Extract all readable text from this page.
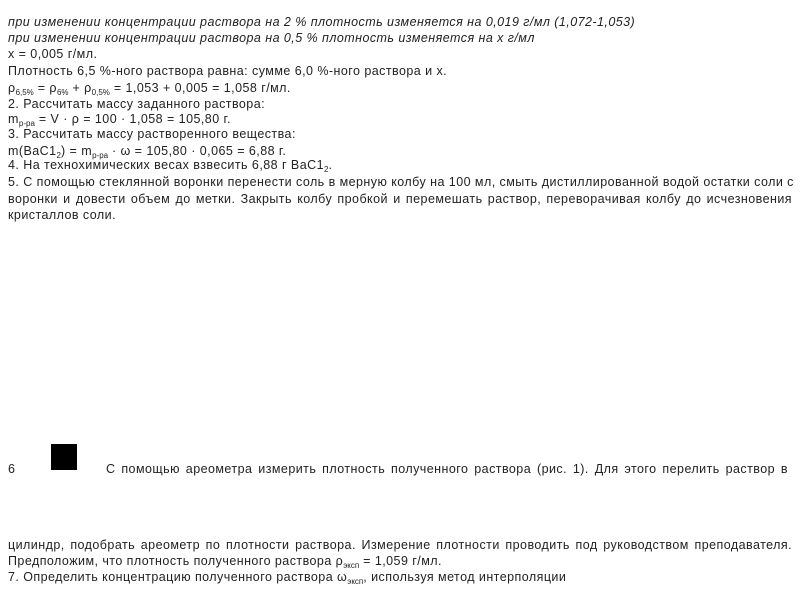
при изменении концентрации раствора на 2 % плотность изменяется на 0,019 г/мл (1,072-1,053)
при изменении концентрации раствора на 0,5 % плотность изменяется на х г/мл
х = 0,005 г/мл.
Плотность 6,5 %-ного раствора равна: сумме 6,0 %-ного раствора и х.
$\rho_{6,5\%} = \rho_{6\%} + \rho_{0,5\%} = 1,053 + 0,005 = 1,058$ г/мл.
2. Рассчитать массу заданного раствора:
$m_{р-ра} = V \cdot \rho = 100 \cdot 1,058 = 105,80$ г.
3. Рассчитать массу растворенного вещества:
$m(BaC1_2) = m_{р-ра} \cdot \omega = 105,80 \cdot 0,065 = 6,88$ г.
4. На технохимических весах взвесить 6,88 г $BaC1_2$.
5. С помощью стеклянной воронки перенести соль в мерную колбу на 100 мл, смыть дистиллированной водой остатки соли с
воронки и довести объем до метки. Закрыть колбу пробкой и перемешать раствор, переворачивая колбу до исчезновения
кристаллов соли.
6	С помощью ареометра измерить плотность полученного раствора (рис. 1). Для этого перелить раствор в
цилиндр, подобрать ареометр по плотности раствора. Измерение плотности проводить под руководством преподавателя.
Предположим, что плотность полученного раствора $\rho_{эксп} = 1,059$ г/мл.
7. Определить концентрацию полученного раствора $\omega_{эксп}$, используя метод интерполяции
